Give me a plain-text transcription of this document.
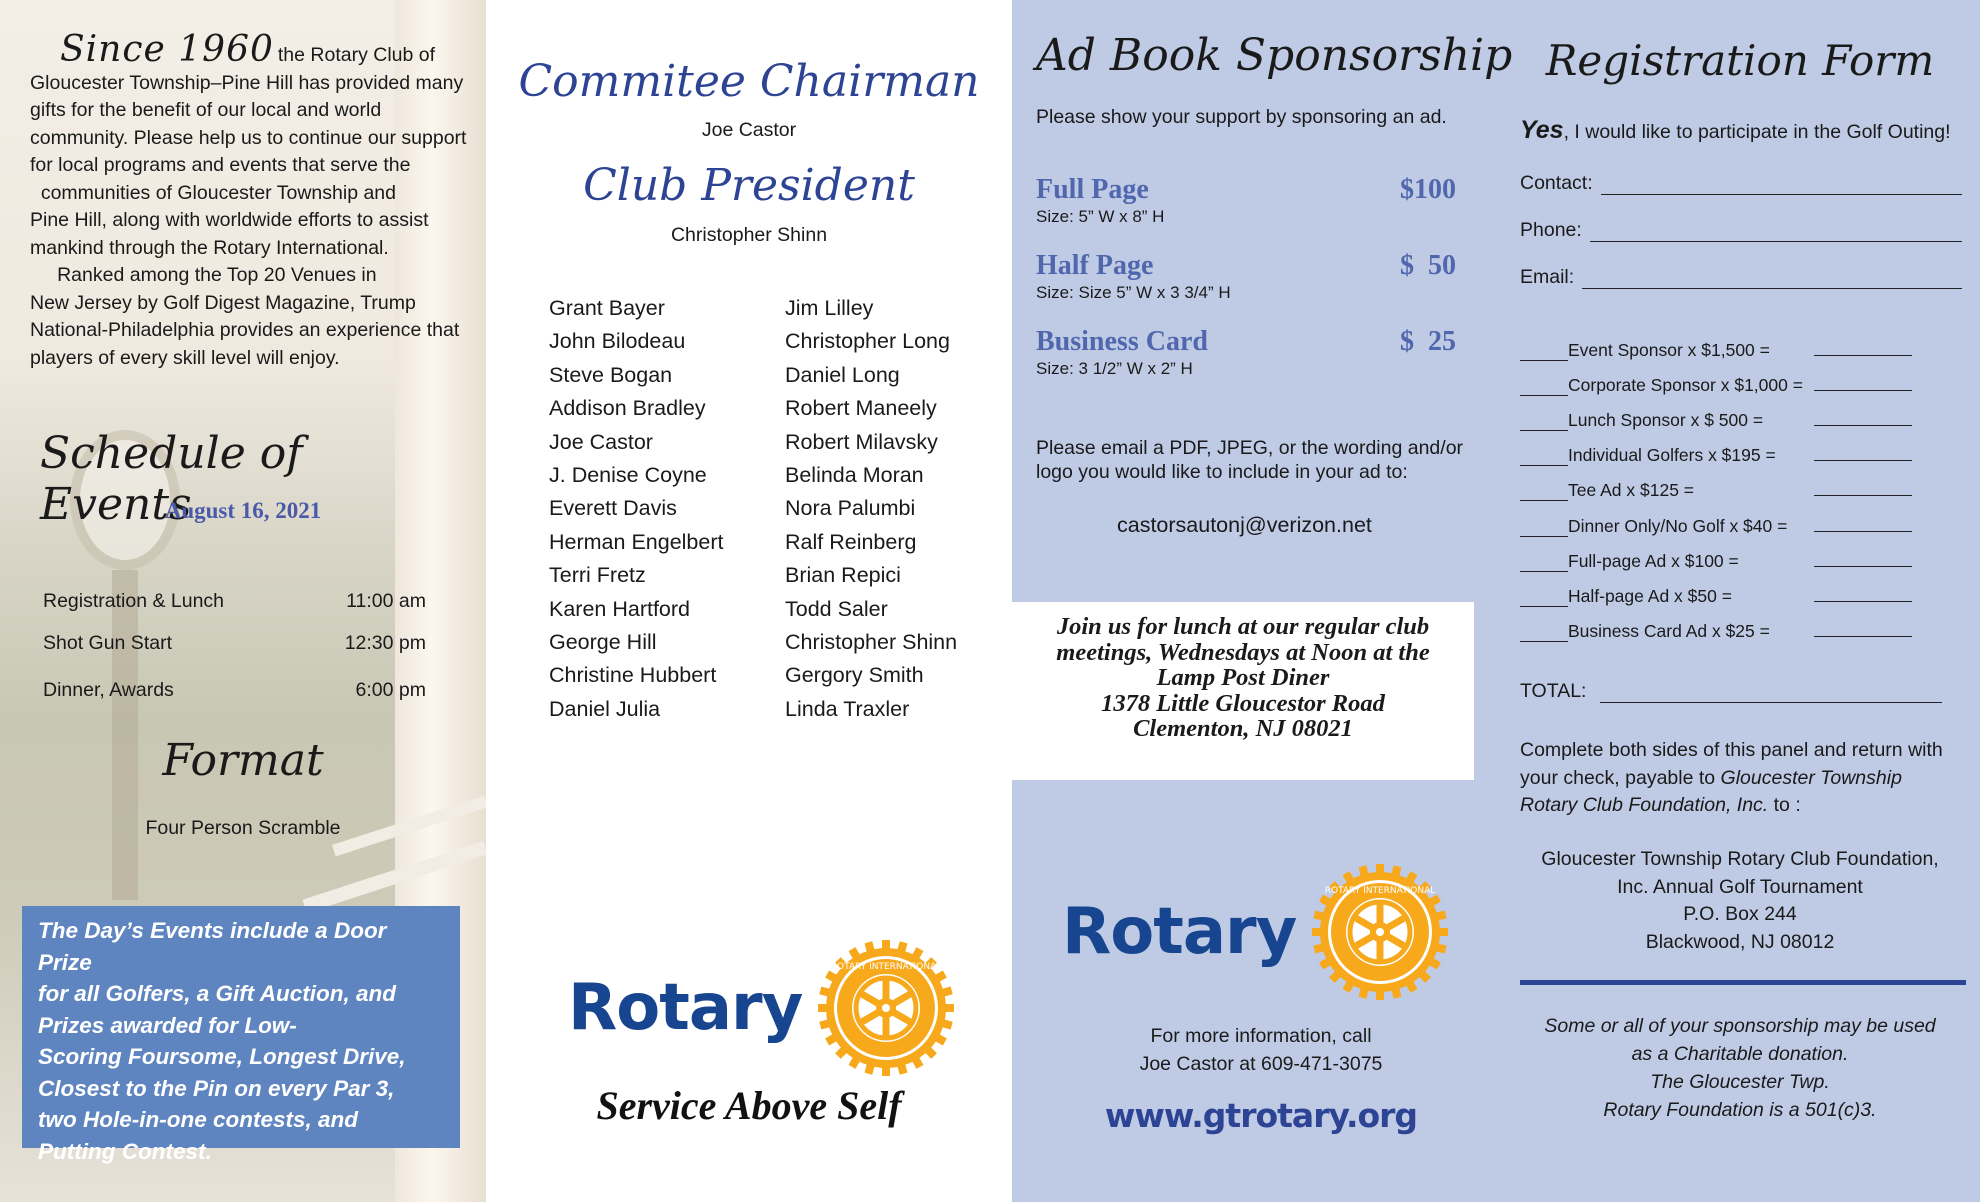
Since 1960 the Rotary Club of
Gloucester Township–Pine Hill has provided many
gifts for the benefit of our local and world
community. Please help us to continue our support
for local programs and events that serve the
communities of Gloucester Township and
Pine Hill, along with worldwide efforts to assist
mankind through the Rotary International.
Ranked among the Top 20 Venues in
New Jersey by Golf Digest Magazine, Trump
National-Philadelphia provides an experience that
players of every skill level will enjoy.
Schedule of Events
August 16, 2021
Registration & Lunch	11:00 am
Shot Gun Start	12:30 pm
Dinner, Awards	6:00 pm
Format
Four Person Scramble
The Day’s Events include a Door Prize
for all Golfers, a Gift Auction, and
Prizes awarded for Low-
Scoring Foursome, Longest Drive,
Closest to the Pin on every Par 3,
two Hole-in-one contests, and
Putting Contest.
Commitee Chairman
Joe Castor
Club President
Christopher Shinn
Grant Bayer
John Bilodeau
Steve Bogan
Addison Bradley
Joe Castor
J. Denise Coyne
Everett Davis
Herman Engelbert
Terri Fretz
Karen Hartford
George Hill
Christine Hubbert
Daniel Julia
Jim Lilley
Christopher Long
Daniel Long
Robert Maneely
Robert Milavsky
Belinda Moran
Nora Palumbi
Ralf Reinberg
Brian Repici
Todd Saler
Christopher Shinn
Gergory Smith
Linda Traxler
Rotary
ROTARY INTERNATIONAL
Service Above Self
Ad Book Sponsorship
Please show your support by sponsoring an ad.
Full Page	$100
Size: 5” W x 8” H
Half Page	$  50
Size: Size 5” W x 3 3/4” H
Business Card	$  25
Size: 3 1/2” W x 2” H
Please email a PDF, JPEG, or the wording and/or logo you would like to include in your ad to:
castorsautonj@verizon.net
Join us for lunch at our regular club
meetings, Wednesdays at Noon at the
Lamp Post Diner
1378 Little Gloucestor Road
Clementon, NJ 08021
Rotary
ROTARY INTERNATIONAL
For more information, call
Joe Castor at 609-471-3075
www.gtrotary.org
Registration Form
Yes, I would like to participate in the Golf Outing!
Contact:
Phone:
Email:
Event Sponsor x $1,500 =
Corporate Sponsor x $1,000 =
Lunch Sponsor x $ 500 =
Individual Golfers x $195 =
Tee Ad x $125 =
Dinner Only/No Golf x $40 =
Full-page Ad x $100 =
Half-page Ad x $50 =
Business Card Ad x $25 =
TOTAL:
Complete both sides of this panel and return with your check, payable to Gloucester Township Rotary Club Foundation, Inc. to :
Gloucester Township Rotary Club Foundation,
Inc. Annual Golf Tournament
P.O. Box 244
Blackwood, NJ 08012
Some or all of your sponsorship may be used
as a Charitable donation.
The Gloucester Twp.
Rotary Foundation is a 501(c)3.
